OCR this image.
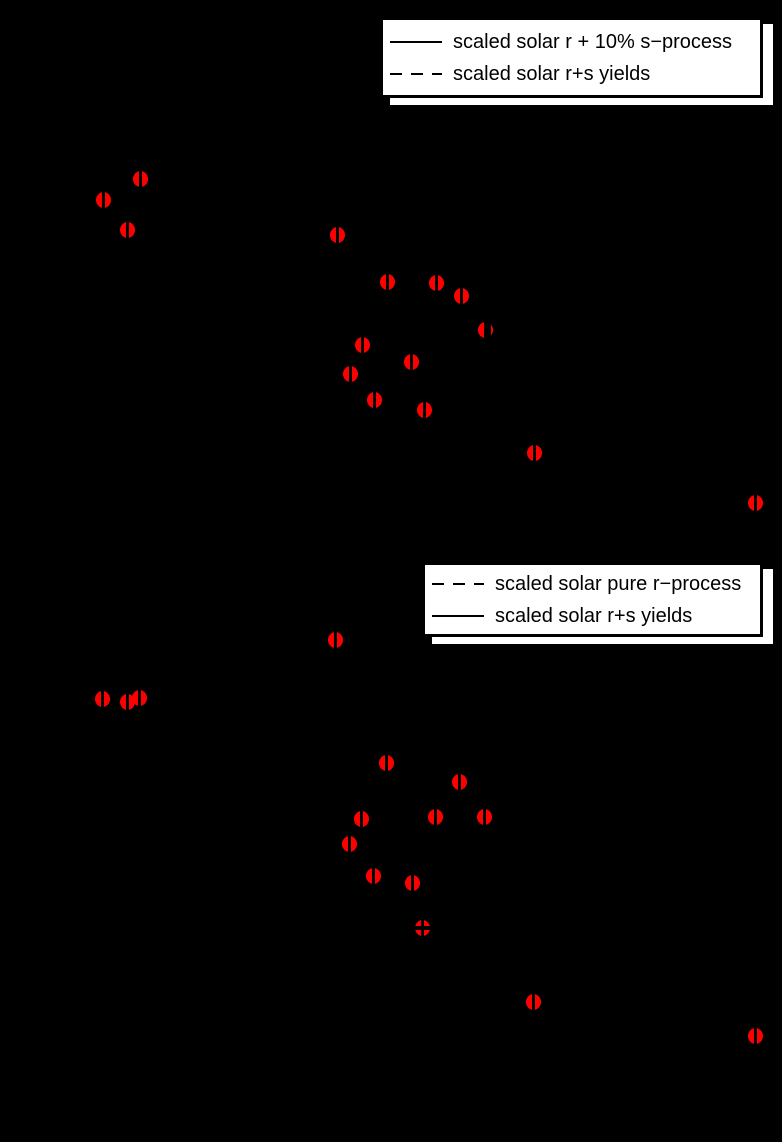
scaled solar r + 10% s−process
scaled solar r+s yields
scaled solar pure r−process
scaled solar r+s yields
